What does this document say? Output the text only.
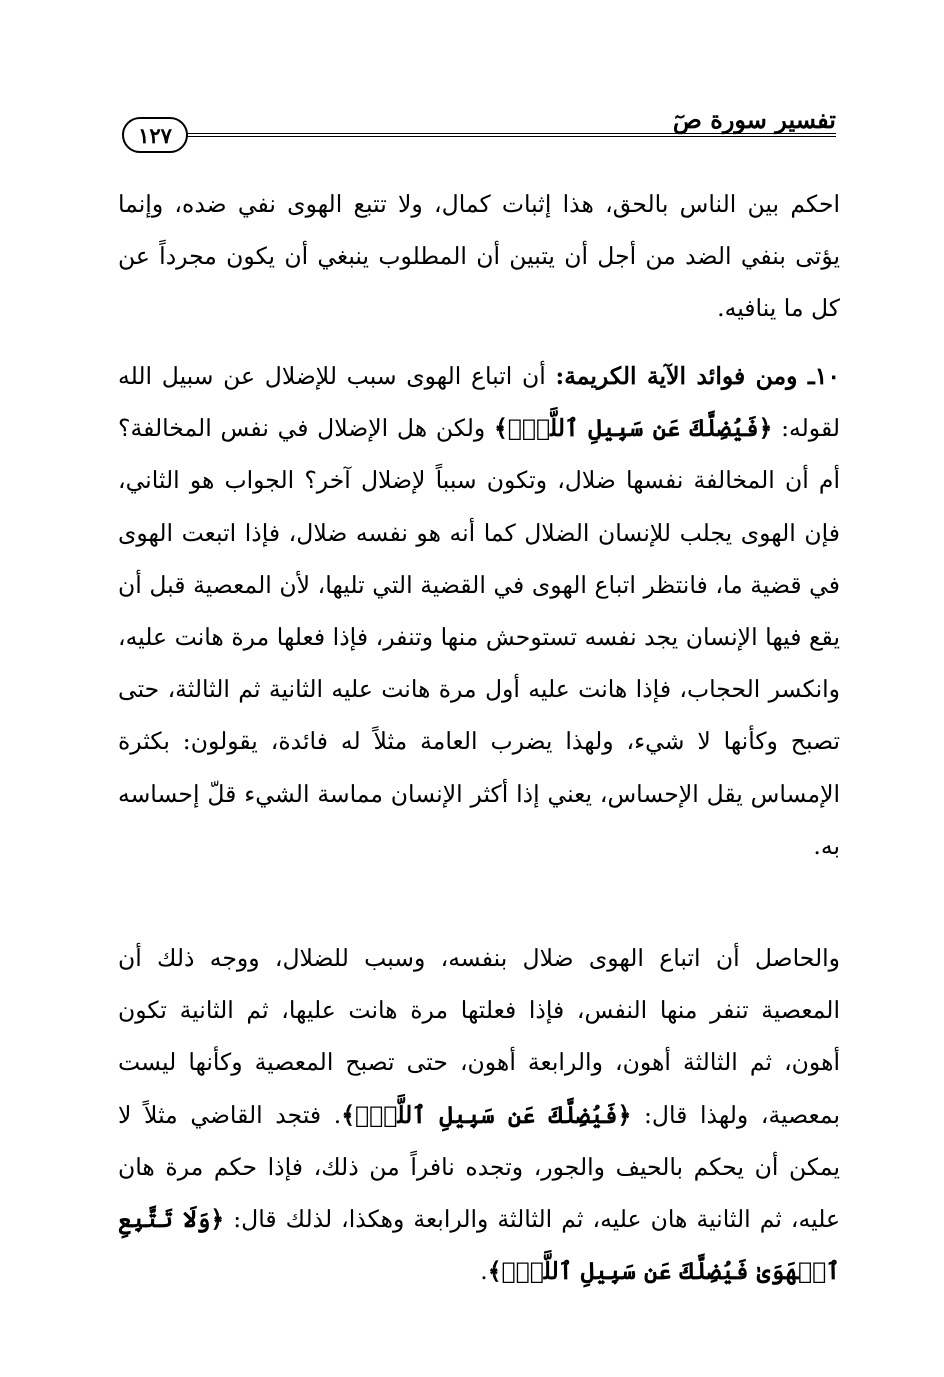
تفسير سورة صٓ
١٢٧

احكم بين الناس بالحق، هذا إثبات كمال، ولا تتبع الهوى نفي ضده، وإنما يؤتى بنفي الضد من أجل أن يتبين أن المطلوب ينبغي أن يكون مجرداً عن كل ما ينافيه.

١٠ـ ومن فوائد الآية الكريمة: أن اتباع الهوى سبب للإضلال عن سبيل الله لقوله: ﴿فَيُضِلَّكَ عَن سَبِيلِ ٱللَّهِۚ﴾ ولكن هل الإضلال في نفس المخالفة؟ أم أن المخالفة نفسها ضلال، وتكون سبباً لإضلال آخر؟ الجواب هو الثاني، فإن الهوى يجلب للإنسان الضلال كما أنه هو نفسه ضلال، فإذا اتبعت الهوى في قضية ما، فانتظر اتباع الهوى في القضية التي تليها، لأن المعصية قبل أن يقع فيها الإنسان يجد نفسه تستوحش منها وتنفر، فإذا فعلها مرة هانت عليه، وانكسر الحجاب، فإذا هانت عليه أول مرة هانت عليه الثانية ثم الثالثة، حتى تصبح وكأنها لا شيء، ولهذا يضرب العامة مثلاً له فائدة، يقولون: بكثرة الإمساس يقل الإحساس، يعني إذا أكثر الإنسان مماسة الشيء قلّ إحساسه به.

والحاصل أن اتباع الهوى ضلال بنفسه، وسبب للضلال، ووجه ذلك أن المعصية تنفر منها النفس، فإذا فعلتها مرة هانت عليها، ثم الثانية تكون أهون، ثم الثالثة أهون، والرابعة أهون، حتى تصبح المعصية وكأنها ليست بمعصية، ولهذا قال: ﴿فَيُضِلَّكَ عَن سَبِيلِ ٱللَّهِۚ﴾. فتجد القاضي مثلاً لا يمكن أن يحكم بالحيف والجور، وتجده نافراً من ذلك، فإذا حكم مرة هان عليه، ثم الثانية هان عليه، ثم الثالثة والرابعة وهكذا، لذلك قال: ﴿وَلَا تَتَّبِعِ ٱلۡهَوَىٰ فَيُضِلَّكَ عَن سَبِيلِ ٱللَّهِۚ﴾.
